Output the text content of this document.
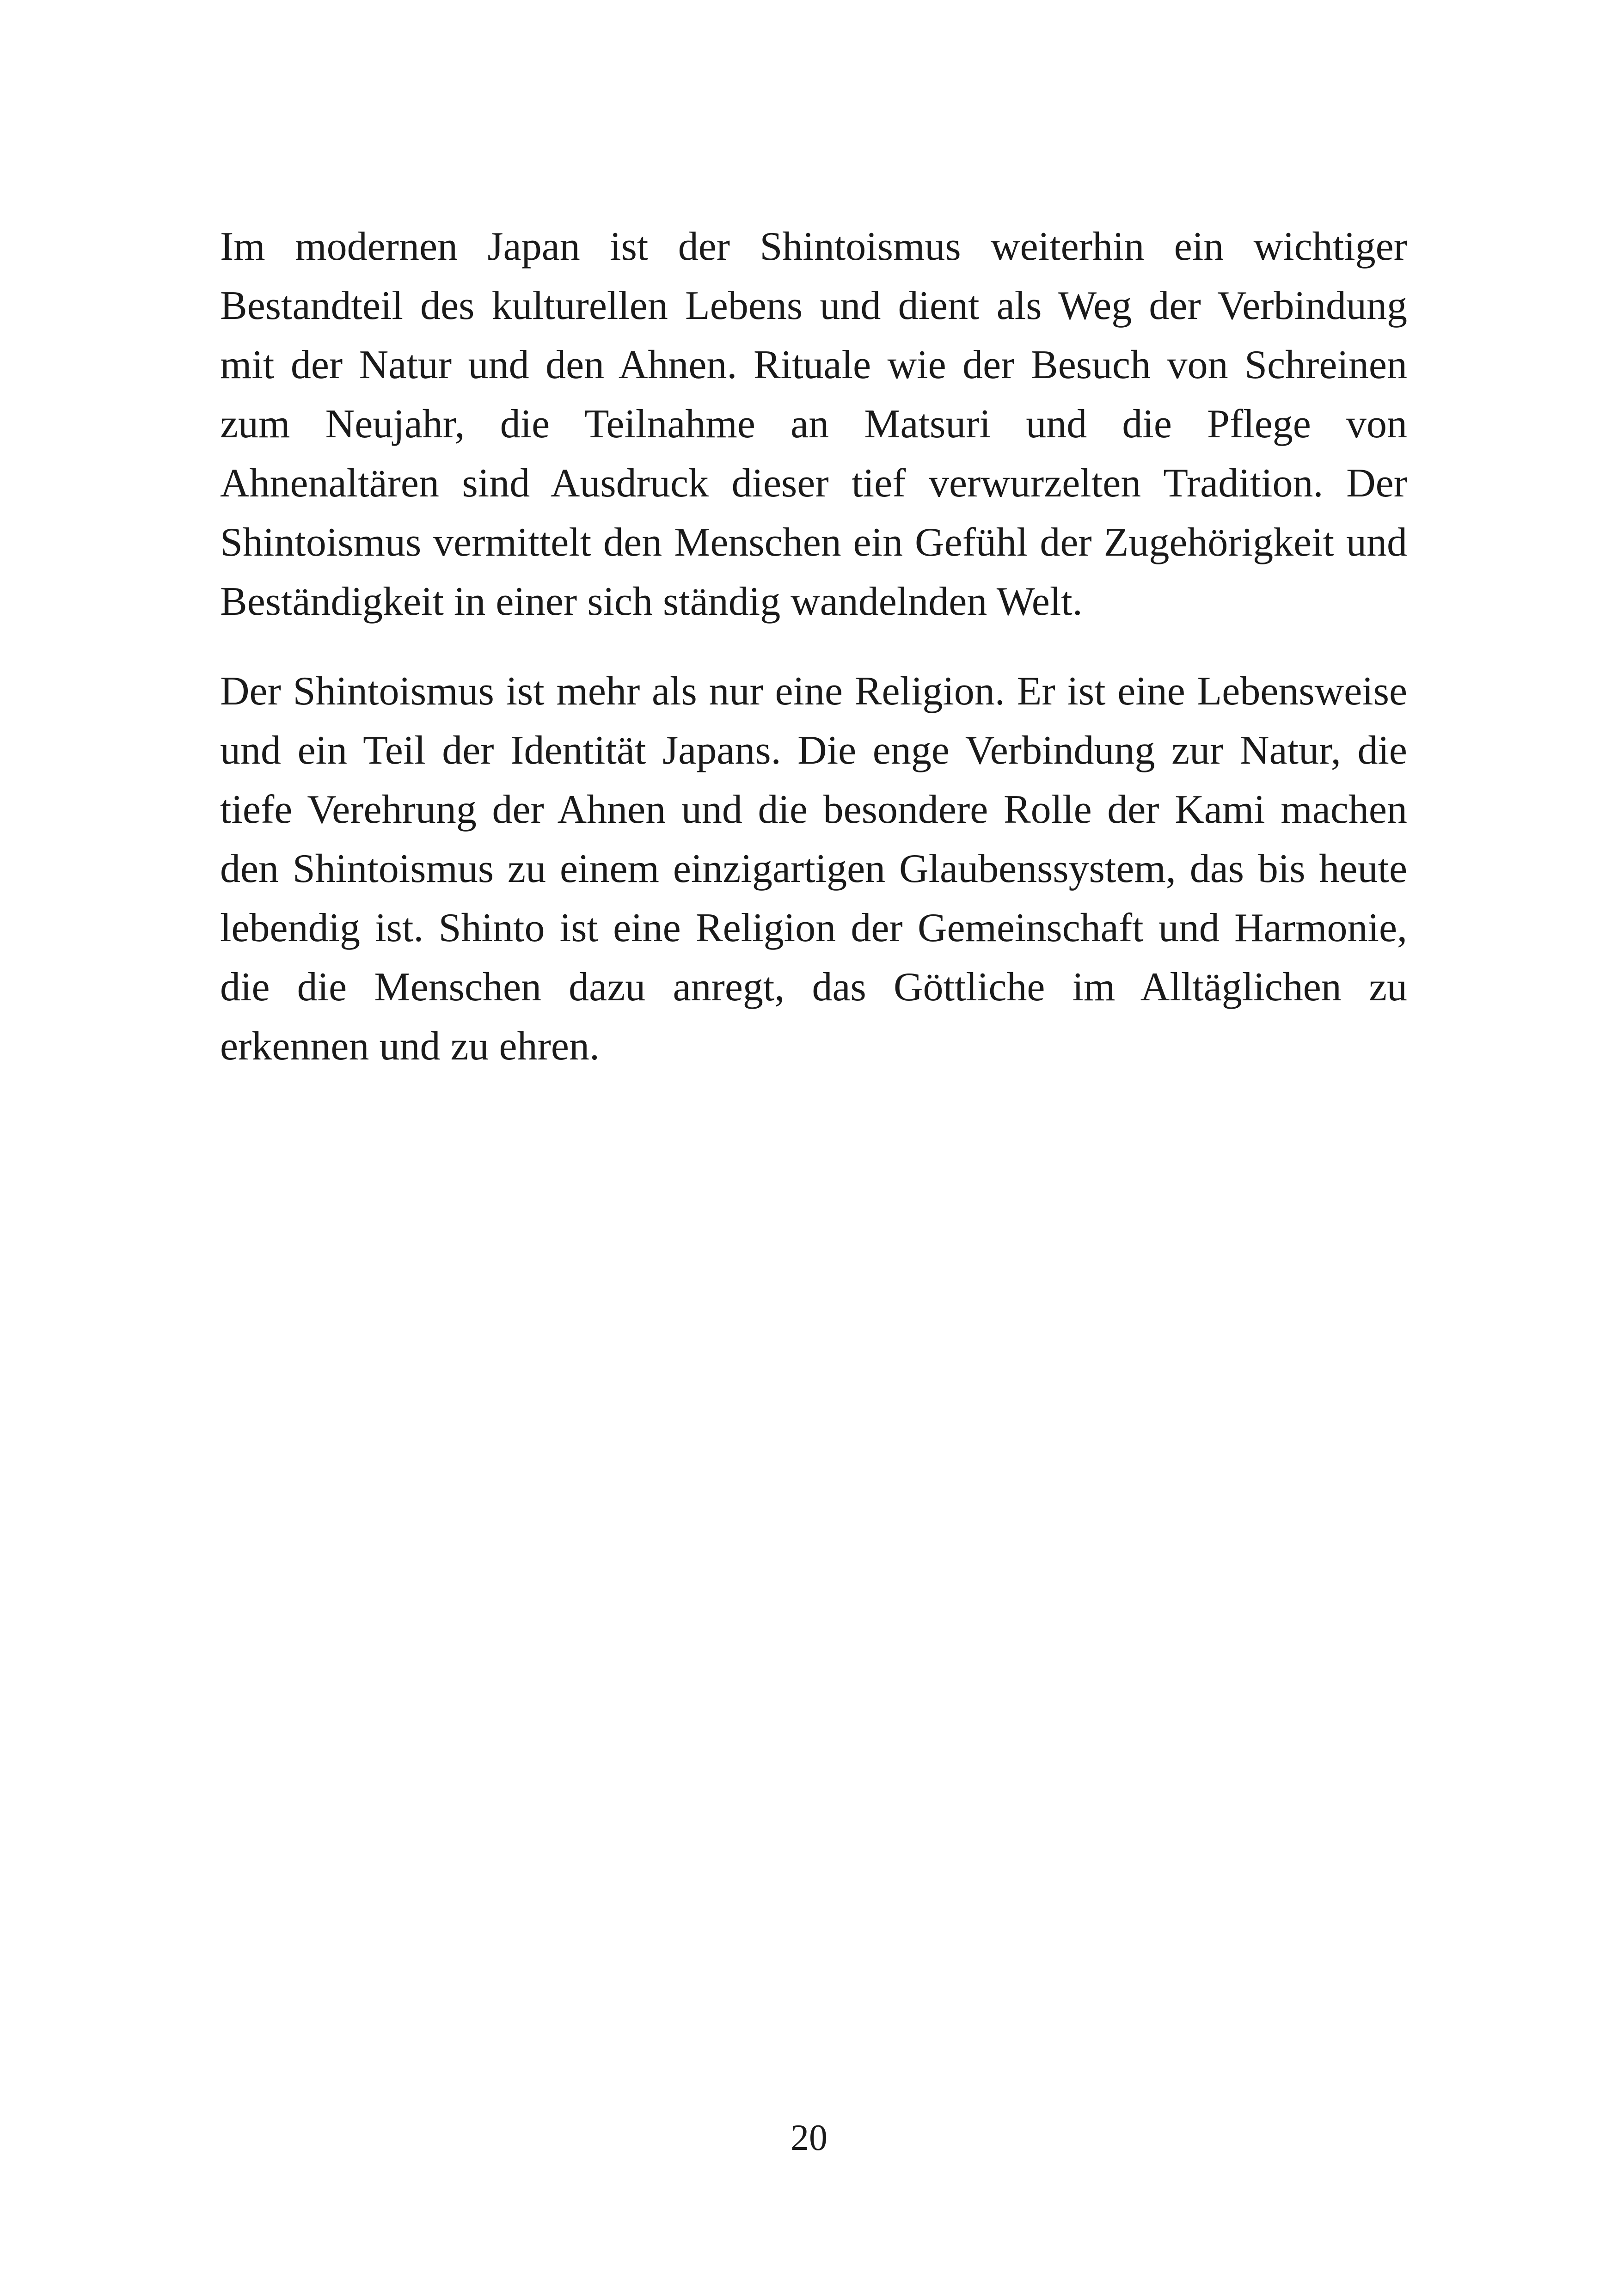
Im modernen Japan ist der Shintoismus weiterhin ein wichtiger Bestandteil des kulturellen Lebens und dient als Weg der Verbindung mit der Natur und den Ahnen. Rituale wie der Besuch von Schreinen zum Neujahr, die Teilnahme an Matsuri und die Pflege von Ahnenaltären sind Ausdruck dieser tief verwurzelten Tradition. Der Shintoismus vermittelt den Menschen ein Gefühl der Zugehörigkeit und Beständigkeit in einer sich ständig wandelnden Welt.

Der Shintoismus ist mehr als nur eine Religion. Er ist eine Lebensweise und ein Teil der Identität Japans. Die enge Verbindung zur Natur, die tiefe Verehrung der Ahnen und die besondere Rolle der Kami machen den Shintoismus zu einem einzigartigen Glaubenssystem, das bis heute lebendig ist. Shinto ist eine Religion der Gemeinschaft und Harmonie, die die Menschen dazu anregt, das Göttliche im Alltäglichen zu erkennen und zu ehren.

20
